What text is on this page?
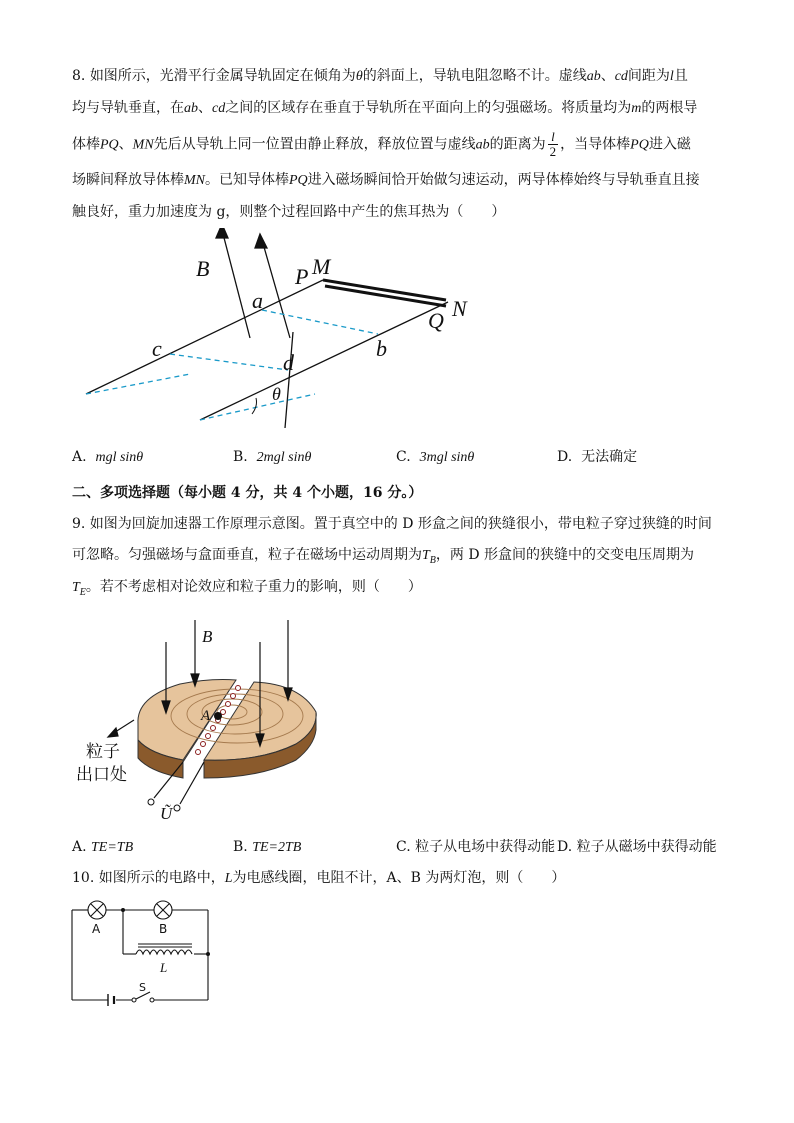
8. 如图所示，光滑平行金属导轨固定在倾角为θ的斜面上，导轨电阻忽略不计。虚线ab、cd间距为l且
均与导轨垂直，在ab、cd之间的区域存在垂直于导轨所在平面向上的匀强磁场。将质量均为m的两根导
体棒PQ、MN先后从导轨上同一位置由静止释放，释放位置与虚线ab的距离为 $\frac{l}{2}$ ，当导体棒PQ进入磁
场瞬间释放导体棒MN。已知导体棒PQ进入磁场瞬间恰开始做匀速运动，两导体棒始终与导轨垂直且接
触良好，重力加速度为 g，则整个过程回路中产生的焦耳热为（　　）
B	P M
a
Q N
c
d
b
θ
A. mgl sinθ	B. 2mgl sinθ	C. 3mgl sinθ	D. 无法确定
二、多项选择题（每小题 4 分，共 4 个小题，16 分。）
9. 如图为回旋加速器工作原理示意图。置于真空中的 D 形盒之间的狭缝很小，带电粒子穿过狭缝的时间
可忽略。匀强磁场与盒面垂直，粒子在磁场中运动周期为$T_B$，两 D 形盒间的狭缝中的交变电压周期为
$T_E$。若不考虑相对论效应和粒子重力的影响，则（　　）
B
A
粒子
出口处
Ũ
A. TE=TB	B. TE=2TB	C. 粒子从电场中获得动能 D. 粒子从磁场中获得动能
10. 如图所示的电路中，L为电感线圈，电阻不计，A、B 为两灯泡，则（　　）
A	B
L
S
